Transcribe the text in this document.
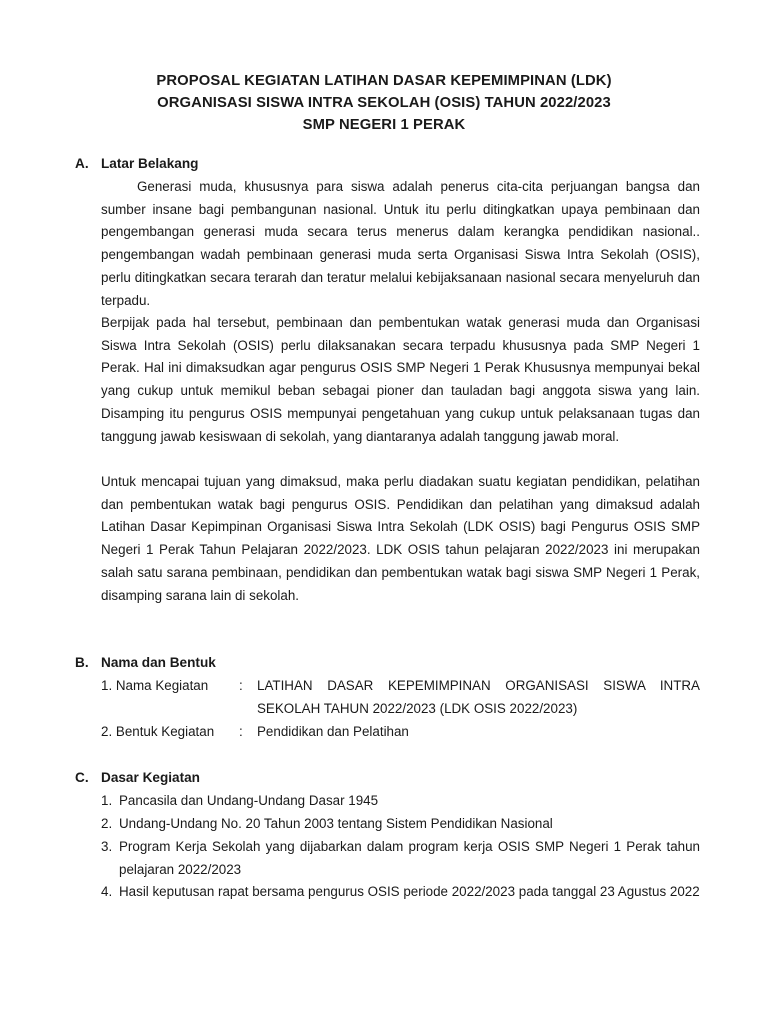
PROPOSAL KEGIATAN LATIHAN DASAR KEPEMIMPINAN (LDK)
ORGANISASI SISWA INTRA SEKOLAH (OSIS) TAHUN 2022/2023
SMP NEGERI 1 PERAK
A. Latar Belakang
Generasi muda, khususnya para siswa adalah penerus cita-cita perjuangan bangsa dan sumber insane bagi pembangunan nasional. Untuk itu perlu ditingkatkan upaya pembinaan dan pengembangan generasi muda secara terus menerus dalam kerangka pendidikan nasional.. pengembangan wadah pembinaan generasi muda serta Organisasi Siswa Intra Sekolah (OSIS), perlu ditingkatkan secara terarah dan teratur melalui kebijaksanaan nasional secara menyeluruh dan terpadu.
Berpijak pada hal tersebut, pembinaan dan pembentukan watak generasi muda dan Organisasi Siswa Intra Sekolah (OSIS) perlu dilaksanakan secara terpadu khususnya pada SMP Negeri 1 Perak. Hal ini dimaksudkan agar pengurus OSIS SMP Negeri 1 Perak Khususnya mempunyai bekal yang cukup untuk memikul beban sebagai pioner dan tauladan bagi anggota siswa yang lain. Disamping itu pengurus OSIS mempunyai pengetahuan yang cukup untuk pelaksanaan tugas dan tanggung jawab kesiswaan di sekolah, yang diantaranya adalah tanggung jawab moral.
Untuk mencapai tujuan yang dimaksud, maka perlu diadakan suatu kegiatan pendidikan, pelatihan dan pembentukan watak bagi pengurus OSIS. Pendidikan dan pelatihan yang dimaksud adalah Latihan Dasar Kepimpinan Organisasi Siswa Intra Sekolah (LDK OSIS) bagi Pengurus OSIS SMP Negeri 1 Perak Tahun Pelajaran 2022/2023. LDK OSIS tahun pelajaran 2022/2023 ini merupakan salah satu sarana pembinaan, pendidikan dan pembentukan watak bagi siswa SMP Negeri 1 Perak, disamping sarana lain di sekolah.
B. Nama dan Bentuk
1. Nama Kegiatan	: LATIHAN DASAR KEPEMIMPINAN ORGANISASI SISWA INTRA SEKOLAH TAHUN 2022/2023 (LDK OSIS 2022/2023)
2. Bentuk Kegiatan	: Pendidikan dan Pelatihan
C. Dasar Kegiatan
1. Pancasila dan Undang-Undang Dasar 1945
2. Undang-Undang No. 20 Tahun 2003 tentang Sistem Pendidikan Nasional
3. Program Kerja Sekolah yang dijabarkan dalam program kerja OSIS SMP Negeri 1 Perak tahun pelajaran 2022/2023
4. Hasil keputusan rapat bersama pengurus OSIS periode 2022/2023 pada tanggal 23 Agustus 2022
